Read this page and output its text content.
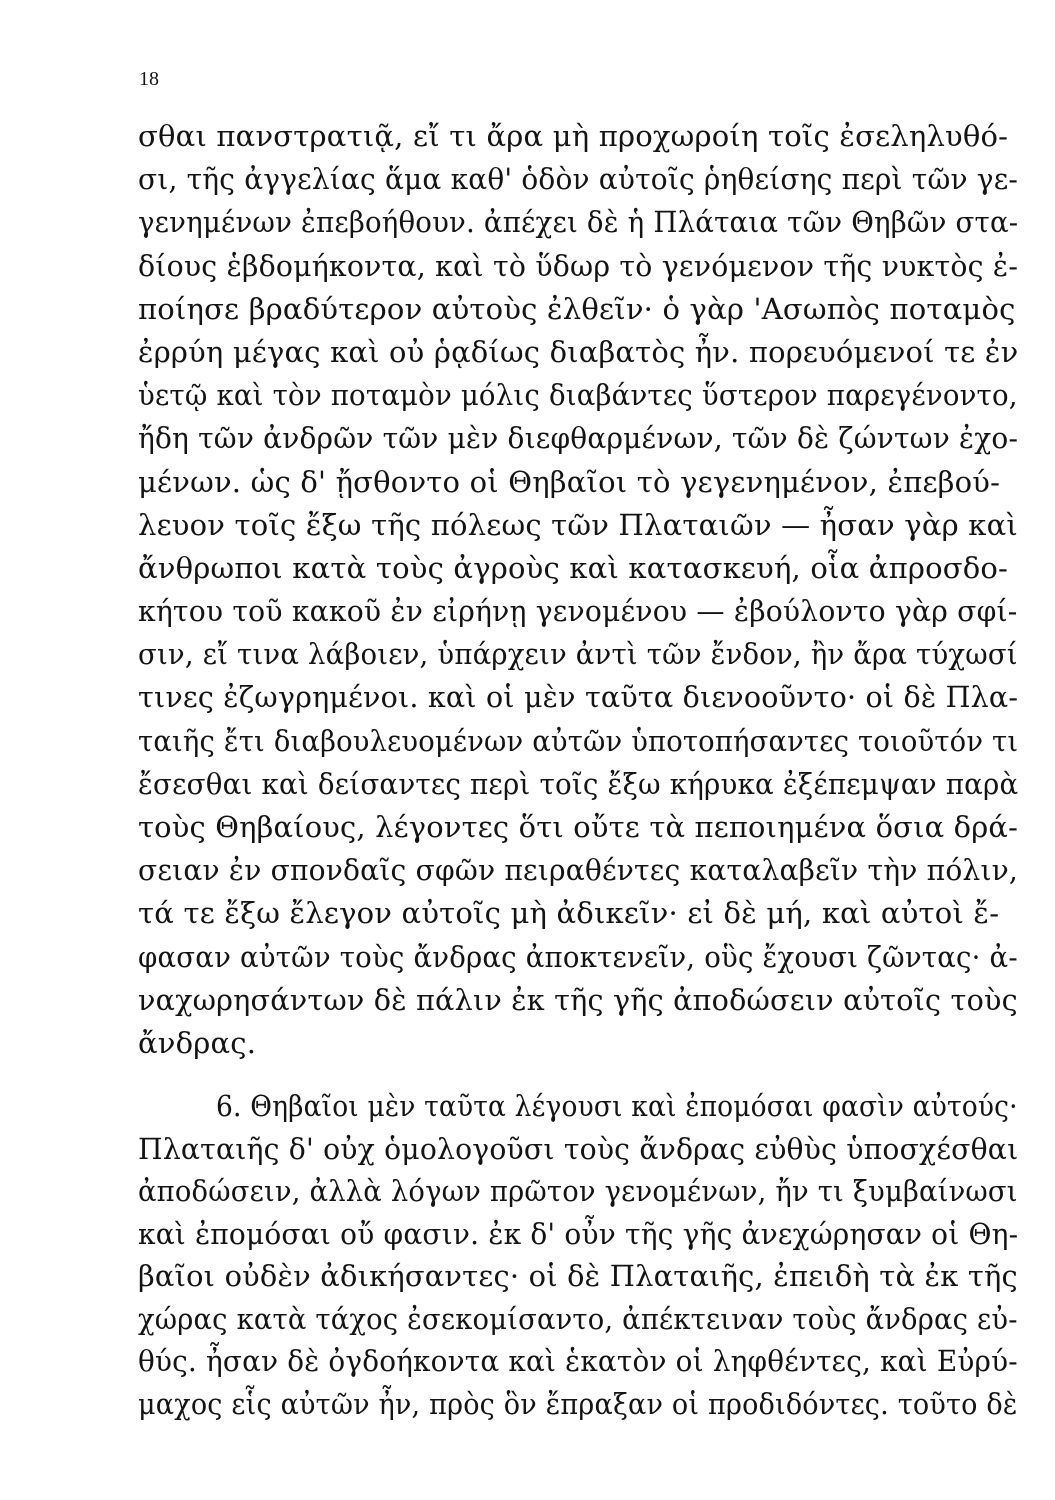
18
σθαι πανστρατιᾷ, εἴ τι ἄρα μὴ προχωροίη τοῖς ἐσεληλυθό-
σι, τῆς ἀγγελίας ἅμα καθ' ὁδὸν αὐτοῖς ῥηθείσης περὶ τῶν γε-
γενημένων ἐπεβοήθουν. ἀπέχει δὲ ἡ Πλάταια τῶν Θηβῶν στα-
δίους ἑβδομήκοντα, καὶ τὸ ὕδωρ τὸ γενόμενον τῆς νυκτὸς ἐ-
ποίησε βραδύτερον αὐτοὺς ἐλθεῖν· ὁ γὰρ 'Ασωπὸς ποταμὸς
ἐρρύη μέγας καὶ οὐ ῥᾳδίως διαβατὸς ἦν. πορευόμενοί τε ἐν
ὑετῷ καὶ τὸν ποταμὸν μόλις διαβάντες ὕστερον παρεγένοντο,
ἤδη τῶν ἀνδρῶν τῶν μὲν διεφθαρμένων, τῶν δὲ ζώντων ἐχο-
μένων. ὡς δ' ᾔσθοντο οἱ Θηβαῖοι τὸ γεγενημένον, ἐπεβού-
λευον τοῖς ἔξω τῆς πόλεως τῶν Πλαταιῶν — ἦσαν γὰρ καὶ
ἄνθρωποι κατὰ τοὺς ἀγροὺς καὶ κατασκευή, οἷα ἀπροσδο-
κήτου τοῦ κακοῦ ἐν εἰρήνῃ γενομένου — ἐβούλοντο γὰρ σφί-
σιν, εἴ τινα λάβοιεν, ὑπάρχειν ἀντὶ τῶν ἔνδον, ἢν ἄρα τύχωσί
τινες ἐζωγρημένοι. καὶ οἱ μὲν ταῦτα διενοοῦντο· οἱ δὲ Πλα-
ταιῆς ἔτι διαβουλευομένων αὐτῶν ὑποτοπήσαντες τοιοῦτόν τι
ἔσεσθαι καὶ δείσαντες περὶ τοῖς ἔξω κήρυκα ἐξέπεμψαν παρὰ
τοὺς Θηβαίους, λέγοντες ὅτι οὔτε τὰ πεποιημένα ὅσια δρά-
σειαν ἐν σπονδαῖς σφῶν πειραθέντες καταλαβεῖν τὴν πόλιν,
τά τε ἔξω ἔλεγον αὐτοῖς μὴ ἀδικεῖν· εἰ δὲ μή, καὶ αὐτοὶ ἔ-
φασαν αὐτῶν τοὺς ἄνδρας ἀποκτενεῖν, οὓς ἔχουσι ζῶντας· ἀ-
ναχωρησάντων δὲ πάλιν ἐκ τῆς γῆς ἀποδώσειν αὐτοῖς τοὺς
ἄνδρας.
6. Θηβαῖοι μὲν ταῦτα λέγουσι καὶ ἐπομόσαι φασὶν αὐτούς·
Πλαταιῆς δ' οὐχ ὁμολογοῦσι τοὺς ἄνδρας εὐθὺς ὑποσχέσθαι
ἀποδώσειν, ἀλλὰ λόγων πρῶτον γενομένων, ἤν τι ξυμβαίνωσι
καὶ ἐπομόσαι οὔ φασιν. ἐκ δ' οὖν τῆς γῆς ἀνεχώρησαν οἱ Θη-
βαῖοι οὐδὲν ἀδικήσαντες· οἱ δὲ Πλαταιῆς, ἐπειδὴ τὰ ἐκ τῆς
χώρας κατὰ τάχος ἐσεκομίσαντο, ἀπέκτειναν τοὺς ἄνδρας εὐ-
θύς. ἦσαν δὲ ὀγδοήκοντα καὶ ἑκατὸν οἱ ληφθέντες, καὶ Εὐρύ-
μαχος εἷς αὐτῶν ἦν, πρὸς ὃν ἔπραξαν οἱ προδιδόντες. τοῦτο δὲ
